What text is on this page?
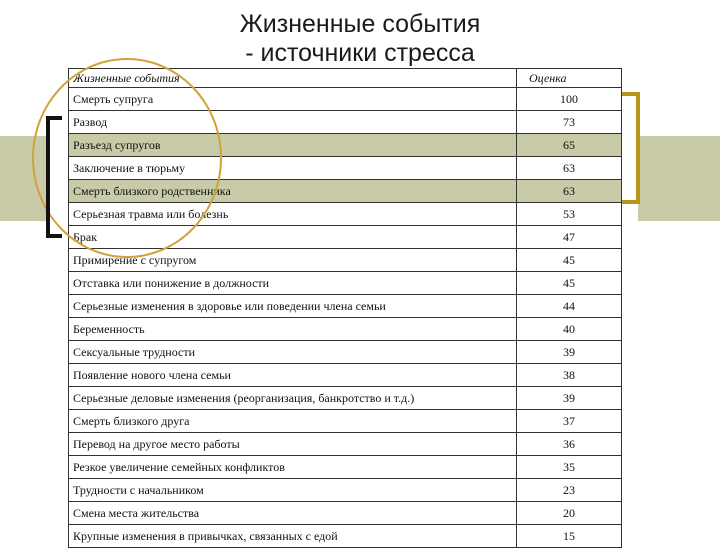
Жизненные события
- источники стресса
Жизненные события	Оценка
Смерть супруга	100
Развод	73
Разъезд супругов	65
Заключение в тюрьму	63
Смерть близкого родственника	63
Серьезная травма или болезнь	53
Брак	47
Примирение с супругом	45
Отставка или понижение в должности	45
Серьезные изменения в здоровье или поведении члена семьи	44
Беременность	40
Сексуальные трудности	39
Появление нового члена семьи	38
Серьезные деловые изменения (реорганизация, банкротство и т.д.)	39
Смерть близкого друга	37
Перевод на другое место работы	36
Резкое увеличение семейных конфликтов	35
Трудности с начальником	23
Смена места жительства	20
Крупные изменения в привычках, связанных с едой	15
